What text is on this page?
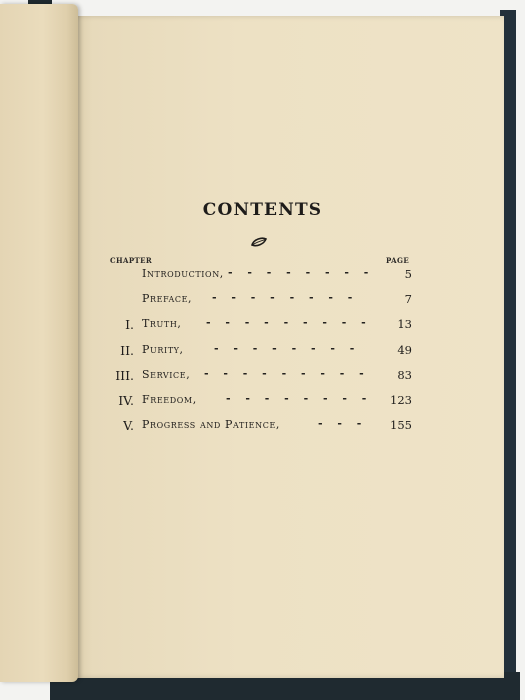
CONTENTS
CHAPTER	PAGE
Introduction, - - - - - - - -	5
Preface, - - - - - - - -	7
I. Truth, - - - - - - - - -	13
II. Purity,	- - - - - - - -	49
III. Service, - - - - - - - - -	83
IV. Freedom,	- - - - - - - - 123
V. Progress and Patience,	- - - 155
